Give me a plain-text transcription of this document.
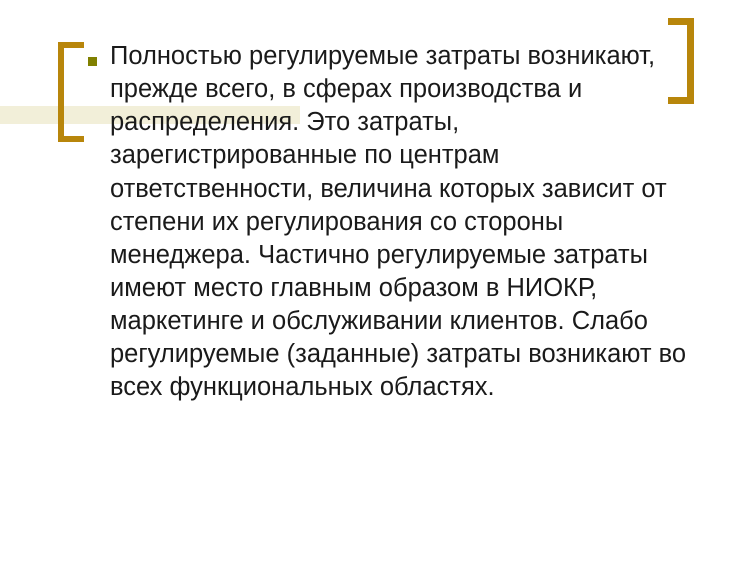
Полностью регулируемые затраты возникают, прежде всего, в сферах производства и распределения. Это затраты, зарегистрированные по центрам ответственности, величина которых зависит от степени их регулирования со стороны менеджера. Частично регулируемые затраты имеют место главным образом в НИОКР, маркетинге и обслуживании клиентов. Слабо регулируемые (заданные) затраты возникают во всех функциональных областях.
